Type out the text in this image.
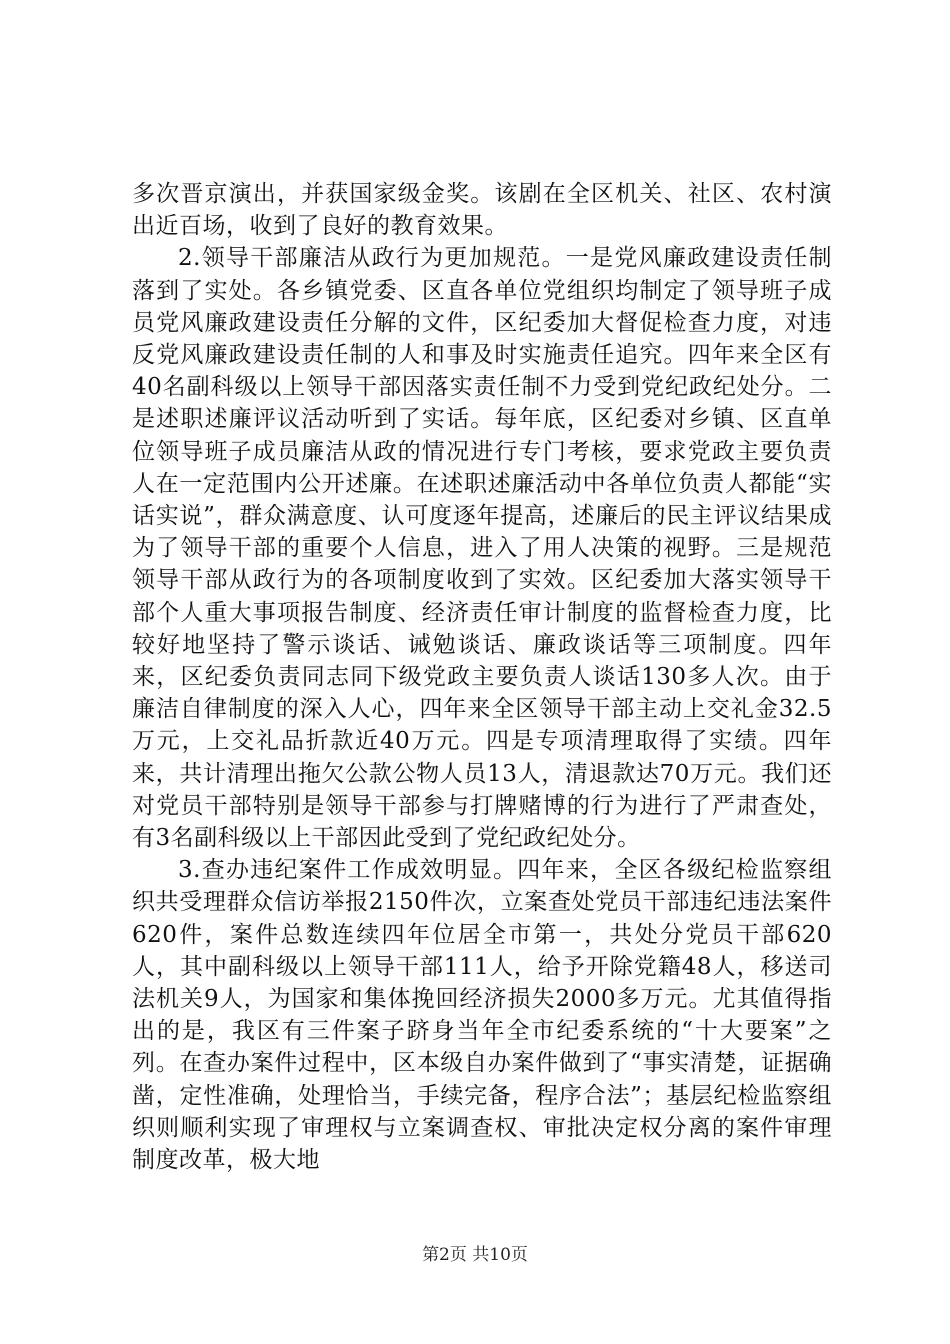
多次晋京演出，并获国家级金奖。该剧在全区机关、社区、农村演出近百场，收到了良好的教育效果。

2.领导干部廉洁从政行为更加规范。一是党风廉政建设责任制落到了实处。各乡镇党委、区直各单位党组织均制定了领导班子成员党风廉政建设责任分解的文件，区纪委加大督促检查力度，对违反党风廉政建设责任制的人和事及时实施责任追究。四年来全区有40名副科级以上领导干部因落实责任制不力受到党纪政纪处分。二是述职述廉评议活动听到了实话。每年底，区纪委对乡镇、区直单位领导班子成员廉洁从政的情况进行专门考核，要求党政主要负责人在一定范围内公开述廉。在述职述廉活动中各单位负责人都能“实话实说”，群众满意度、认可度逐年提高，述廉后的民主评议结果成为了领导干部的重要个人信息，进入了用人决策的视野。三是规范领导干部从政行为的各项制度收到了实效。区纪委加大落实领导干部个人重大事项报告制度、经济责任审计制度的监督检查力度，比较好地坚持了警示谈话、诫勉谈话、廉政谈话等三项制度。四年来，区纪委负责同志同下级党政主要负责人谈话130多人次。由于廉洁自律制度的深入人心，四年来全区领导干部主动上交礼金32.5万元，上交礼品折款近40万元。四是专项清理取得了实绩。四年来，共计清理出拖欠公款公物人员13人，清退款达70万元。我们还对党员干部特别是领导干部参与打牌赌博的行为进行了严肃查处，有3名副科级以上干部因此受到了党纪政纪处分。

3.查办违纪案件工作成效明显。四年来，全区各级纪检监察组织共受理群众信访举报2150件次，立案查处党员干部违纪违法案件620件，案件总数连续四年位居全市第一，共处分党员干部620人，其中副科级以上领导干部111人，给予开除党籍48人，移送司法机关9人，为国家和集体挽回经济损失2000多万元。尤其值得指出的是，我区有三件案子跻身当年全市纪委系统的“十大要案”之列。在查办案件过程中，区本级自办案件做到了“事实清楚，证据确凿，定性准确，处理恰当，手续完备，程序合法”；基层纪检监察组织则顺利实现了审理权与立案调查权、审批决定权分离的案件审理制度改革，极大地

第2页 共10页
